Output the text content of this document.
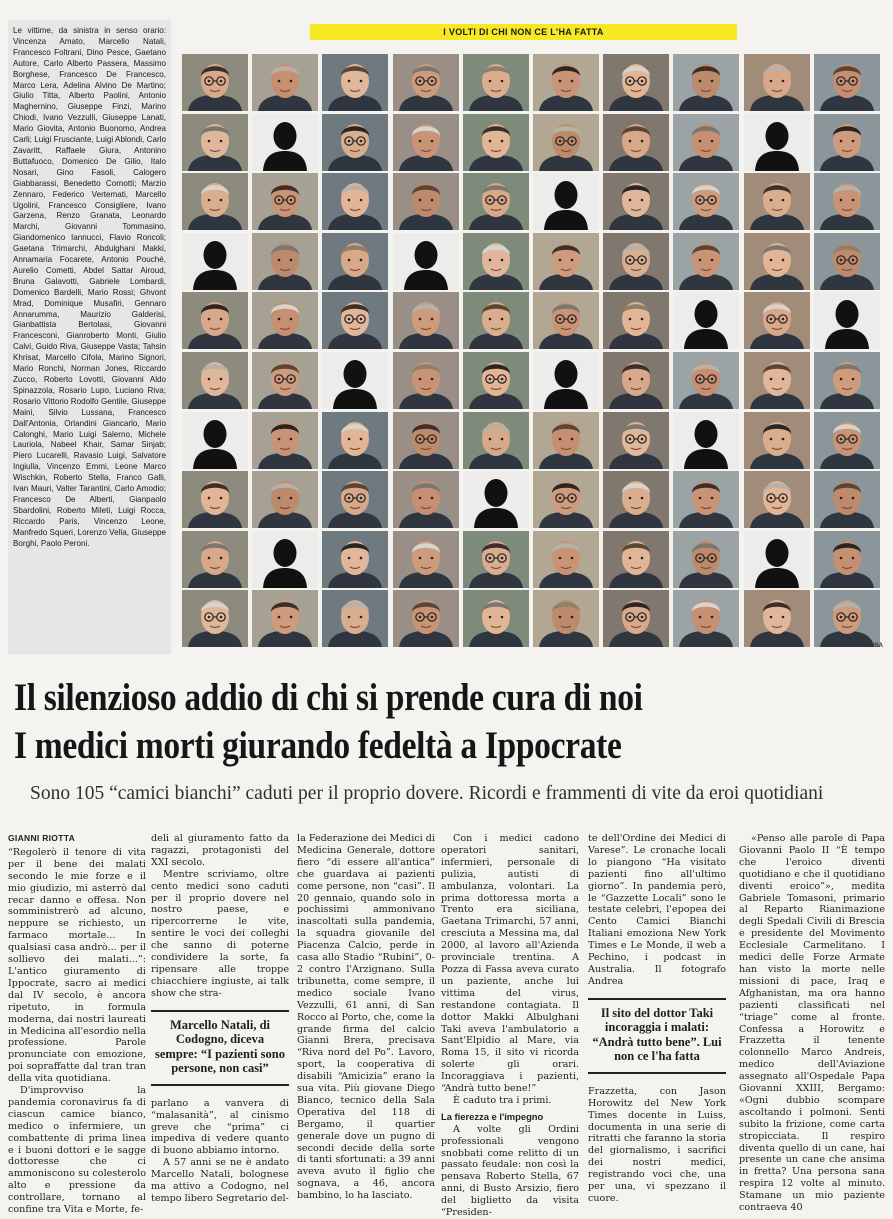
Le vittime, da sinistra in senso orario: Vincenza Amato, Marcello Natali, Francesco Foltrani, Dino Pesce, Gaetano Autore, Carlo Alberto Passera, Massimo Borghese, Francesco De Francesco, Marco Lera, Adelina Alvino De Martino; Giulio Titta, Alberto Paolini, Antonio Maghernino, Giuseppe Finzi, Marino Chiodi, Ivano Vezzulli, Giuseppe Lanati, Mario Giovita, Antonio Buonomo, Andrea Carli; Luigi Frusciante, Luigi Ablondi, Carlo Zavaritt, Raffaele Giura, Antonino Buttafuoco, Domenico De Gilio, Italo Nosari, Gino Fasoli, Calogero Giabbarassi, Benedetto Cornotti; Marzio Zennaro, Federico Vertemati, Marcello Ugolini, Francesco Consigliere, Ivano Garzena, Renzo Granata, Leonardo Marchi, Giovanni Tommasino, Giandomenico Iannucci, Flavio Roncoli; Gaetana Trimarchi, Abdulghani Makki, Annamaria Focarete, Antonio Pouché, Aurelio Cometti, Abdel Sattar Airoud, Bruna Galavotti, Gabriele Lombardi, Domenico Bardelli, Mario Rossi; Ghvont Mrad, Dominique Musafiri, Gennaro Annarumma, Maurizio Galderisi, Gianbattista Bertolasi, Giovanni Francesconi, Gianroberto Monti, Giulio Calvi, Guido Riva, Giuseppe Vasta; Tahsin Khrisat, Marcello Cifola, Marino Signori, Mario Ronchi, Norman Jones, Riccardo Zucco, Roberto Lovotti, Giovanni Aldo Spinazzola, Rosario Lupo, Luciano Riva; Rosario Vittorio Rodolfo Gentile, Giuseppe Maini, Silvio Lussana, Francesco Dall'Antonia, Orlandini Giancarlo, Mario Calonghi, Mario Luigi Salerno, Michele Lauriola, Nabeel Khair, Samar Sinjab; Piero Lucarelli, Ravasio Luigi, Salvatore Ingiulla, Vincenzo Emmi, Leone Marco Wischkin, Roberto Stella, Franco Galli, Ivan Mauri, Valter Tarantini, Carlo Amodio; Francesco De Alberti, Gianpaolo Sbardolini, Roberto Mileti, Luigi Rocca, Riccardo Paris, Vincenzo Leone, Manfredo Squeri, Lorenzo Vella, Giuseppe Borghi, Paolo Peroni.

I VOLTI DI CHI NON CE L'HA FATTA
ANSA
Il silenzioso addio di chi si prende cura di noi
I medici morti giurando fedeltà a Ippocrate
Sono 105 “camici bianchi” caduti per il proprio dovere. Ricordi e frammenti di vite da eroi quotidiani
GIANNI RIOTTA

“Regolerò il tenore di vita per il bene dei malati secondo le mie forze e il mio giudizio, mi asterrò dal recar danno e offesa. Non somministrerò ad alcuno, neppure se richiesto, un farmaco mortale... In qualsiasi casa andrò... per il sollievo dei malati...”: L'antico giuramento di Ippocrate, sacro ai medici dal IV secolo, è ancora ripetuto, in formula moderna, dai nostri laureati in Medicina all'esordio nella professione. Parole pronunciate con emozione, poi sopraffatte dal tran tran della vita quotidiana.

D'improvviso la pandemia coronavirus fa di ciascun camice bianco, medico o infermiere, un combattente di prima linea e i buoni dottori e le sagge dottoresse che ci ammoniscono su colesterolo alto e pressione da controllare, tornano al confine tra Vita e Morte, fe-

deli al giuramento fatto da ragazzi, protagonisti del XXI secolo.

Mentre scriviamo, oltre cento medici sono caduti per il proprio dovere nel nostro paese, e ripercorrerne le vite, sentire le voci dei colleghi che sanno di poterne condividere la sorte, fa ripensare alle troppe chiacchiere ingiuste, ai talk show che stra-

Marcello Natali, di Codogno, diceva sempre: “I pazienti sono persone, non casi”

parlano a vanvera di “malasanità”, al cinismo greve che “prima” ci impediva di vedere quanto di buono abbiamo intorno.

A 57 anni se ne è andato Marcello Natali, bolognese ma attivo a Codogno, nel tempo libero Segretario del-

la Federazione dei Medici di Medicina Generale, dottore fiero “di essere all'antica” che guardava ai pazienti come persone, non “casi”. Il 20 gennaio, quando solo in pochissimi ammonivano inascoltati sulla pandemia, la squadra giovanile del Piacenza Calcio, perde in casa allo Stadio “Rubini”, 0-2 contro l'Arzignano. Sulla tribunetta, come sempre, il medico sociale Ivano Vezzulli, 61 anni, di San Rocco al Porto, che, come la grande firma del calcio Gianni Brera, precisava “Riva nord del Po”. Lavoro, sport, la cooperativa di disabili “Amicizia” erano la sua vita. Più giovane Diego Bianco, tecnico della Sala Operativa del 118 di Bergamo, il quartier generale dove un pugno di secondi decide della sorte di tanti sfortunati: a 39 anni aveva avuto il figlio che sognava, a 46, ancora bambino, lo ha lasciato.

Con i medici cadono operatori sanitari, infermieri, personale di pulizia, autisti di ambulanza, volontari. La prima dottoressa morta a Trento era siciliana, Gaetana Trimarchi, 57 anni, cresciuta a Messina ma, dal 2000, al lavoro all'Azienda provinciale trentina. A Pozza di Fassa aveva curato un paziente, anche lui vittima del virus, restandone contagiata. Il dottor Makki Albulghani Taki aveva l'ambulatorio a Sant'Elpidio al Mare, via Roma 15, il sito vi ricorda solerte gli orari. Incoraggiava i pazienti, “Andrà tutto bene!”

È caduto tra i primi.

La fierezza e l'impegno

A volte gli Ordini professionali vengono snobbati come relitto di un passato feudale: non così la pensava Roberto Stella, 67 anni, di Busto Arsizio, fiero del biglietto da visita “Presiden-

te dell'Ordine dei Medici di Varese”. Le cronache locali lo piangono “Ha visitato pazienti fino all'ultimo giorno”. In pandemia però, le “Gazzette Locali” sono le testate celebri, l'epopea dei Cento Camici Bianchi Italiani emoziona New York Times e Le Monde, il web a Pechino, i podcast in Australia. Il fotografo Andrea

Il sito del dottor Taki incoraggia i malati: “Andrà tutto bene”. Lui non ce l'ha fatta

Frazzetta, con Jason Horowitz del New York Times docente in Luiss, documenta in una serie di ritratti che faranno la storia del giornalismo, i sacrifici dei nostri medici, registrando voci che, una per una, vi spezzano il cuore.

«Penso alle parole di Papa Giovanni Paolo II “È tempo che l'eroico diventi quotidiano e che il quotidiano diventi eroico”», medita Gabriele Tomasoni, primario al Reparto Rianimazione degli Spedali Civili di Brescia e presidente del Movimento Ecclesiale Carmelitano. I medici delle Forze Armate han visto la morte nelle missioni di pace, Iraq e Afghanistan, ma ora hanno pazienti classificati nel “triage” come al fronte. Confessa a Horowitz e Frazzetta il tenente colonnello Marco Andreis, medico dell'Aviazione assegnato all'Ospedale Papa Giovanni XXIII, Bergamo: «Ogni dubbio scompare ascoltando i polmoni. Senti subito la frizione, come carta stropicciata. Il respiro diventa quello di un cane, hai presente un cane che ansima in fretta? Una persona sana respira 12 volte al minuto. Stamane un mio paziente contraeva 40
